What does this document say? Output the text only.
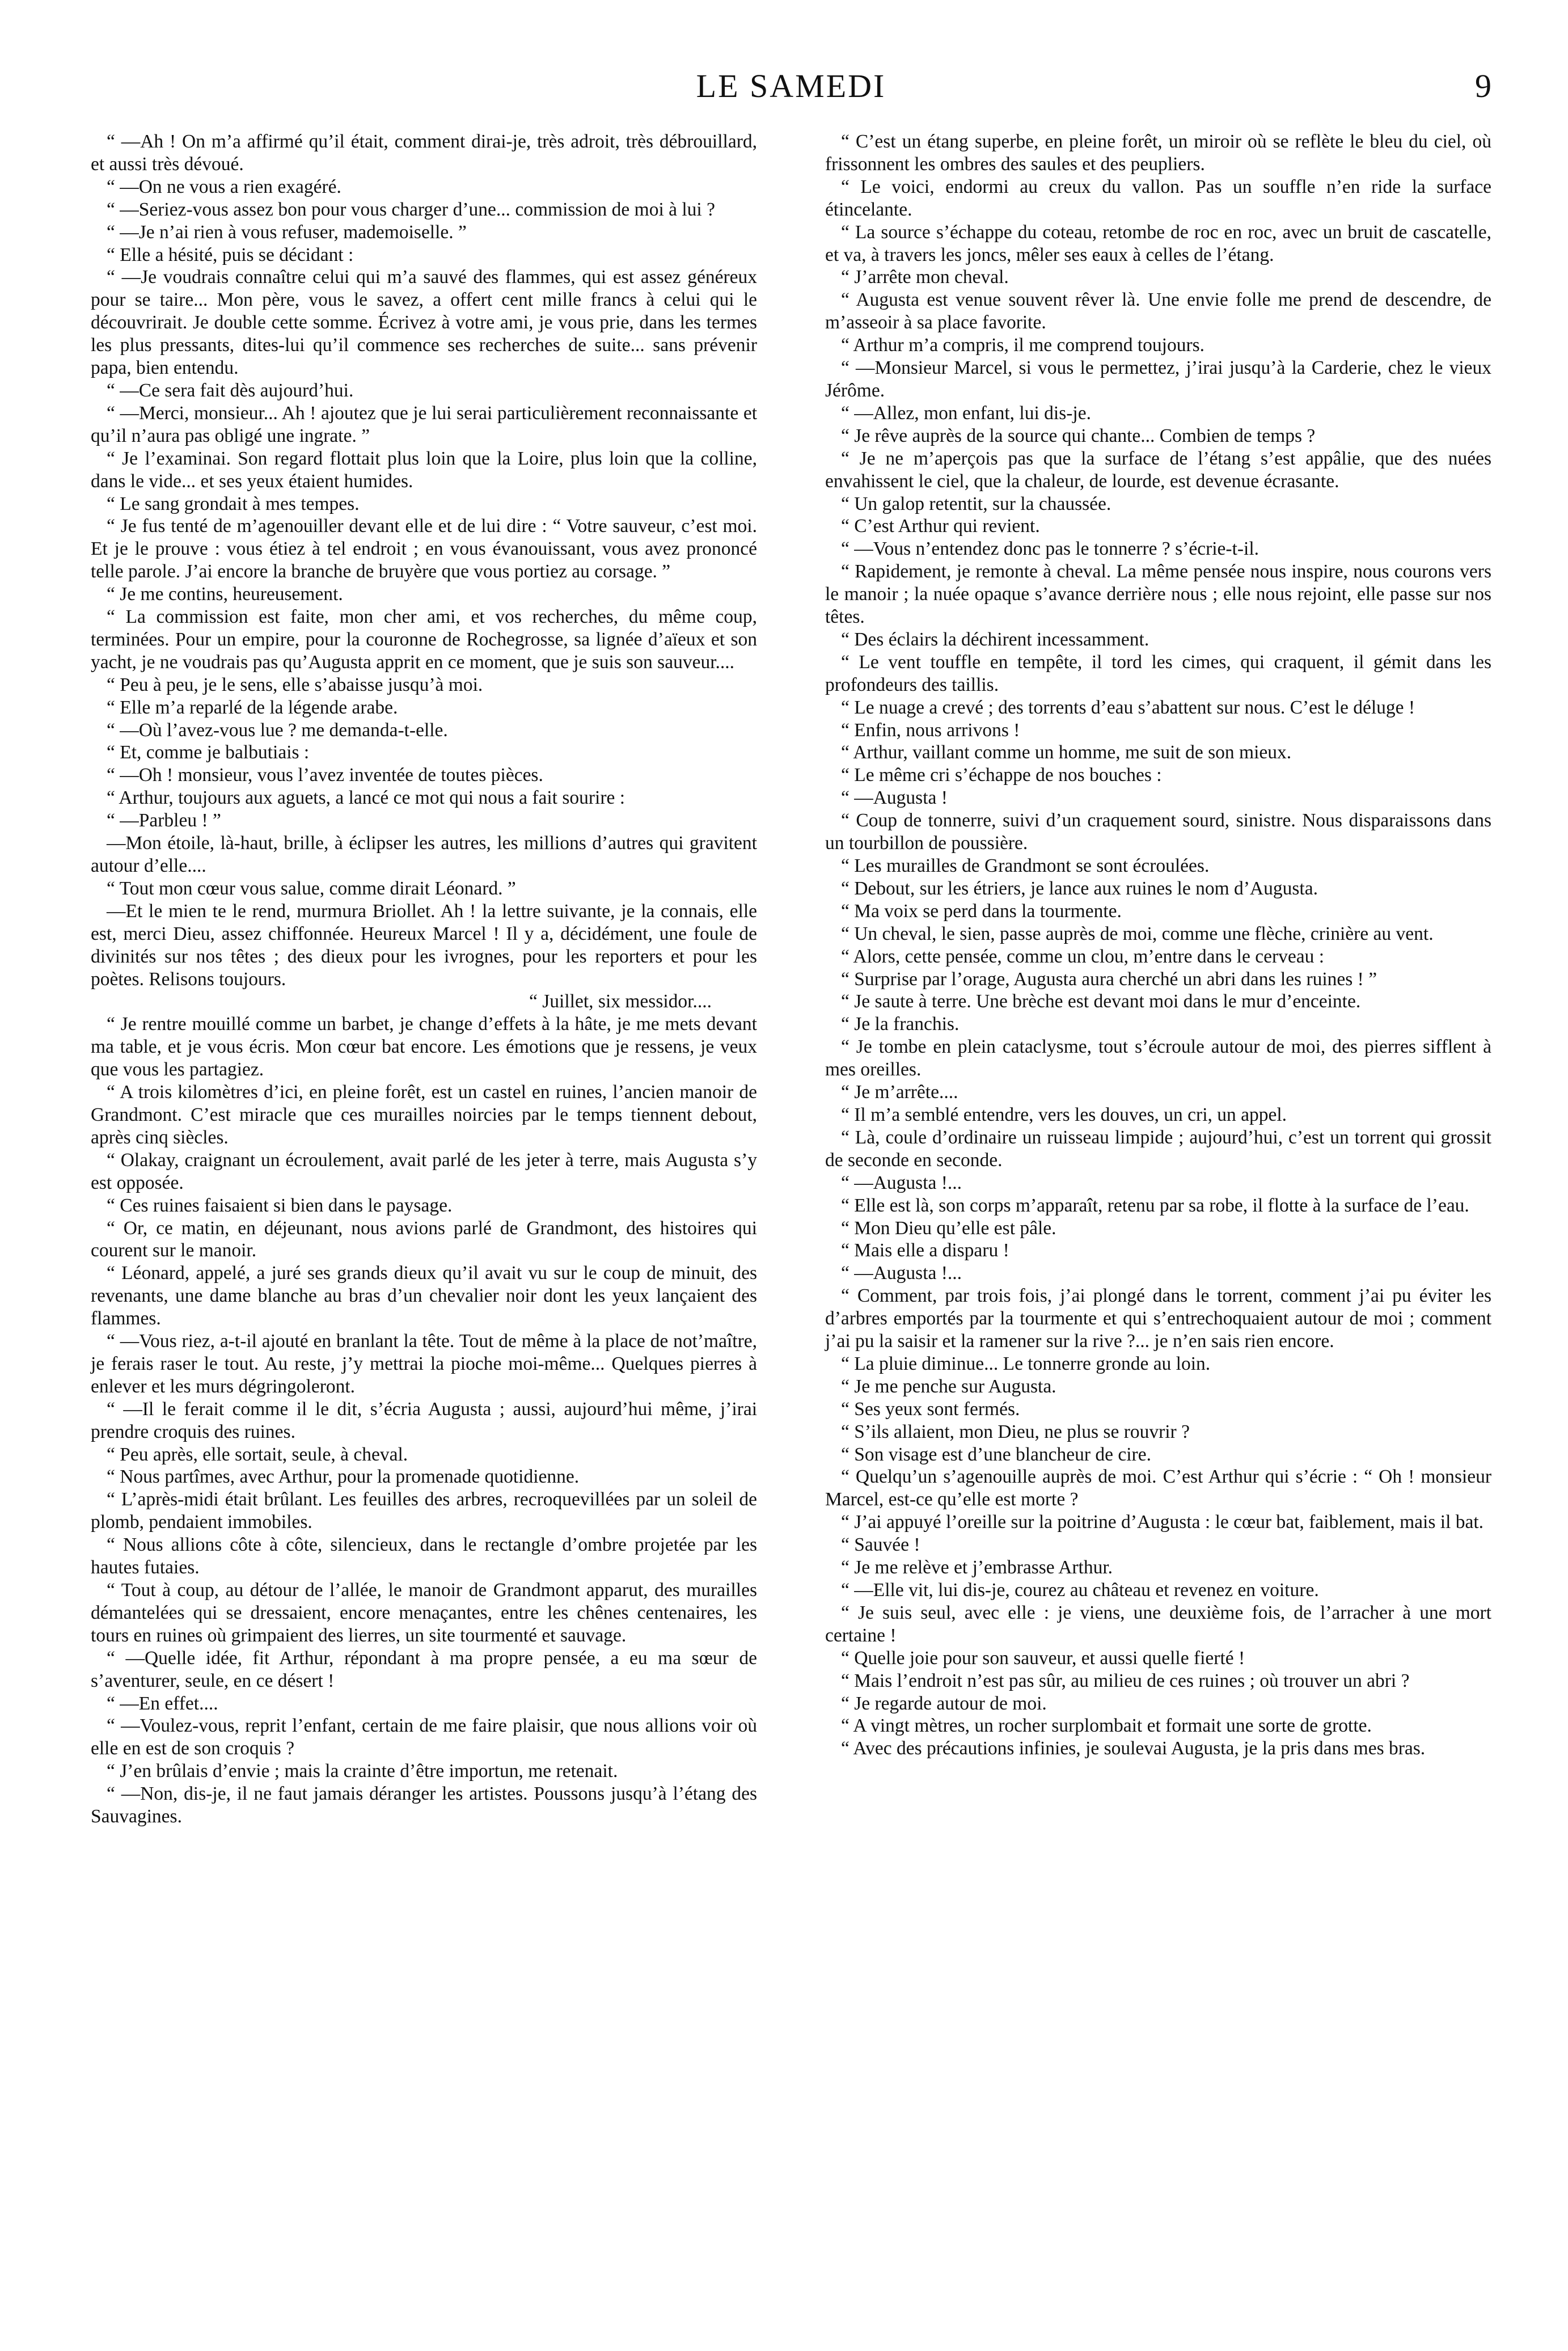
LE SAMEDI	9

“ —Ah ! On m’a affirmé qu’il était, comment dirai-je, très adroit, très débrouillard, et aussi très dévoué.

“ —On ne vous a rien exagéré.

“ —Seriez-vous assez bon pour vous charger d’une... commission de moi à lui ?

“ —Je n’ai rien à vous refuser, mademoiselle. ”

“ Elle a hésité, puis se décidant :

“ —Je voudrais connaître celui qui m’a sauvé des flammes, qui est assez généreux pour se taire... Mon père, vous le savez, a offert cent mille francs à celui qui le découvrirait. Je double cette somme. Écrivez à votre ami, je vous prie, dans les termes les plus pressants, dites-lui qu’il commence ses recherches de suite... sans prévenir papa, bien entendu.

“ —Ce sera fait dès aujourd’hui.

“ —Merci, monsieur... Ah ! ajoutez que je lui serai particulièrement reconnaissante et qu’il n’aura pas obligé une ingrate. ”

“ Je l’examinai. Son regard flottait plus loin que la Loire, plus loin que la colline, dans le vide... et ses yeux étaient humides.

“ Le sang grondait à mes tempes.

“ Je fus tenté de m’agenouiller devant elle et de lui dire : “ Votre sauveur, c’est moi. Et je le prouve : vous étiez à tel endroit ; en vous évanouissant, vous avez prononcé telle parole. J’ai encore la branche de bruyère que vous portiez au corsage. ”

“ Je me contins, heureusement.

“ La commission est faite, mon cher ami, et vos recherches, du même coup, terminées. Pour un empire, pour la couronne de Rochegrosse, sa lignée d’aïeux et son yacht, je ne voudrais pas qu’Augusta apprit en ce moment, que je suis son sauveur....

“ Peu à peu, je le sens, elle s’abaisse jusqu’à moi.

“ Elle m’a reparlé de la légende arabe.

“ —Où l’avez-vous lue ? me demanda-t-elle.

“ Et, comme je balbutiais :

“ —Oh ! monsieur, vous l’avez inventée de toutes pièces.

“ Arthur, toujours aux aguets, a lancé ce mot qui nous a fait sourire :

“ —Parbleu ! ”

—Mon étoile, là-haut, brille, à éclipser les autres, les millions d’autres qui gravitent autour d’elle....

“ Tout mon cœur vous salue, comme dirait Léonard. ”

—Et le mien te le rend, murmura Briollet. Ah ! la lettre suivante, je la connais, elle est, merci Dieu, assez chiffonnée. Heureux Marcel ! Il y a, décidément, une foule de divinités sur nos têtes ; des dieux pour les ivrognes, pour les reporters et pour les poètes. Relisons toujours.

“ Juillet, six messidor....

“ Je rentre mouillé comme un barbet, je change d’effets à la hâte, je me mets devant ma table, et je vous écris. Mon cœur bat encore. Les émotions que je ressens, je veux que vous les partagiez.

“ A trois kilomètres d’ici, en pleine forêt, est un castel en ruines, l’ancien manoir de Grandmont. C’est miracle que ces murailles noircies par le temps tiennent debout, après cinq siècles.

“ Olakay, craignant un écroulement, avait parlé de les jeter à terre, mais Augusta s’y est opposée.

“ Ces ruines faisaient si bien dans le paysage.

“ Or, ce matin, en déjeunant, nous avions parlé de Grandmont, des histoires qui courent sur le manoir.

“ Léonard, appelé, a juré ses grands dieux qu’il avait vu sur le coup de minuit, des revenants, une dame blanche au bras d’un chevalier noir dont les yeux lançaient des flammes.

“ —Vous riez, a-t-il ajouté en branlant la tête. Tout de même à la place de not’maître, je ferais raser le tout. Au reste, j’y mettrai la pioche moi-même... Quelques pierres à enlever et les murs dégringoleront.

“ —Il le ferait comme il le dit, s’écria Augusta ; aussi, aujourd’hui même, j’irai prendre croquis des ruines.

“ Peu après, elle sortait, seule, à cheval.

“ Nous partîmes, avec Arthur, pour la promenade quotidienne.

“ L’après-midi était brûlant. Les feuilles des arbres, recroquevillées par un soleil de plomb, pendaient immobiles.

“ Nous allions côte à côte, silencieux, dans le rectangle d’ombre projetée par les hautes futaies.

“ Tout à coup, au détour de l’allée, le manoir de Grandmont apparut, des murailles démantelées qui se dressaient, encore menaçantes, entre les chênes centenaires, les tours en ruines où grimpaient des lierres, un site tourmenté et sauvage.

“ —Quelle idée, fit Arthur, répondant à ma propre pensée, a eu ma sœur de s’aventurer, seule, en ce désert !

“ —En effet....

“ —Voulez-vous, reprit l’enfant, certain de me faire plaisir, que nous allions voir où elle en est de son croquis ?

“ J’en brûlais d’envie ; mais la crainte d’être importun, me retenait.

“ —Non, dis-je, il ne faut jamais déranger les artistes. Poussons jusqu’à l’étang des Sauvagines.

“ C’est un étang superbe, en pleine forêt, un miroir où se reflète le bleu du ciel, où frissonnent les ombres des saules et des peupliers.

“ Le voici, endormi au creux du vallon. Pas un souffle n’en ride la surface étincelante.

“ La source s’échappe du coteau, retombe de roc en roc, avec un bruit de cascatelle, et va, à travers les joncs, mêler ses eaux à celles de l’étang.

“ J’arrête mon cheval.

“ Augusta est venue souvent rêver là. Une envie folle me prend de descendre, de m’asseoir à sa place favorite.

“ Arthur m’a compris, il me comprend toujours.

“ —Monsieur Marcel, si vous le permettez, j’irai jusqu’à la Carderie, chez le vieux Jérôme.

“ —Allez, mon enfant, lui dis-je.

“ Je rêve auprès de la source qui chante... Combien de temps ?

“ Je ne m’aperçois pas que la surface de l’étang s’est appâlie, que des nuées envahissent le ciel, que la chaleur, de lourde, est devenue écrasante.

“ Un galop retentit, sur la chaussée.

“ C’est Arthur qui revient.

“ —Vous n’entendez donc pas le tonnerre ? s’écrie-t-il.

“ Rapidement, je remonte à cheval. La même pensée nous inspire, nous courons vers le manoir ; la nuée opaque s’avance derrière nous ; elle nous rejoint, elle passe sur nos têtes.

“ Des éclairs la déchirent incessamment.

“ Le vent touffle en tempête, il tord les cimes, qui craquent, il gémit dans les profondeurs des taillis.

“ Le nuage a crevé ; des torrents d’eau s’abattent sur nous. C’est le déluge !

“ Enfin, nous arrivons !

“ Arthur, vaillant comme un homme, me suit de son mieux.

“ Le même cri s’échappe de nos bouches :

“ —Augusta !

“ Coup de tonnerre, suivi d’un craquement sourd, sinistre. Nous disparaissons dans un tourbillon de poussière.

“ Les murailles de Grandmont se sont écroulées.

“ Debout, sur les étriers, je lance aux ruines le nom d’Augusta.

“ Ma voix se perd dans la tourmente.

“ Un cheval, le sien, passe auprès de moi, comme une flèche, crinière au vent.

“ Alors, cette pensée, comme un clou, m’entre dans le cerveau :

“ Surprise par l’orage, Augusta aura cherché un abri dans les ruines ! ”

“ Je saute à terre. Une brèche est devant moi dans le mur d’enceinte.

“ Je la franchis.

“ Je tombe en plein cataclysme, tout s’écroule autour de moi, des pierres sifflent à mes oreilles.

“ Je m’arrête....

“ Il m’a semblé entendre, vers les douves, un cri, un appel.

“ Là, coule d’ordinaire un ruisseau limpide ; aujourd’hui, c’est un torrent qui grossit de seconde en seconde.

“ —Augusta !...

“ Elle est là, son corps m’apparaît, retenu par sa robe, il flotte à la surface de l’eau.

“ Mon Dieu qu’elle est pâle.

“ Mais elle a disparu !

“ —Augusta !...

“ Comment, par trois fois, j’ai plongé dans le torrent, comment j’ai pu éviter les d’arbres emportés par la tourmente et qui s’entrechoquaient autour de moi ; comment j’ai pu la saisir et la ramener sur la rive ?... je n’en sais rien encore.

“ La pluie diminue... Le tonnerre gronde au loin.

“ Je me penche sur Augusta.

“ Ses yeux sont fermés.

“ S’ils allaient, mon Dieu, ne plus se rouvrir ?

“ Son visage est d’une blancheur de cire.

“ Quelqu’un s’agenouille auprès de moi. C’est Arthur qui s’écrie : “ Oh ! monsieur Marcel, est-ce qu’elle est morte ?

“ J’ai appuyé l’oreille sur la poitrine d’Augusta : le cœur bat, faiblement, mais il bat.

“ Sauvée !

“ Je me relève et j’embrasse Arthur.

“ —Elle vit, lui dis-je, courez au château et revenez en voiture.

“ Je suis seul, avec elle : je viens, une deuxième fois, de l’arracher à une mort certaine !

“ Quelle joie pour son sauveur, et aussi quelle fierté !

“ Mais l’endroit n’est pas sûr, au milieu de ces ruines ; où trouver un abri ?

“ Je regarde autour de moi.

“ A vingt mètres, un rocher surplombait et formait une sorte de grotte.

“ Avec des précautions infinies, je soulevai Augusta, je la pris dans mes bras.
